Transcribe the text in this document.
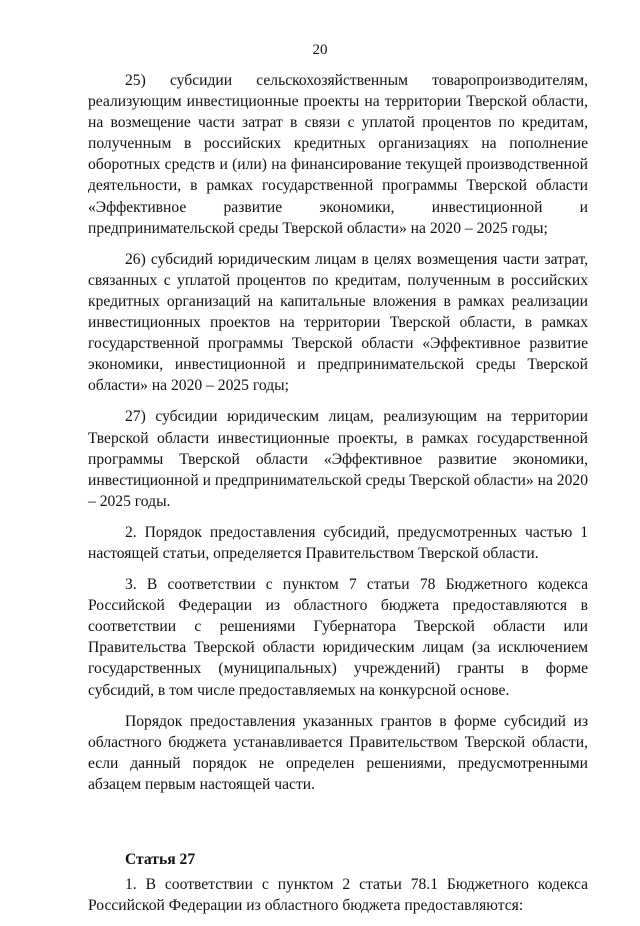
20

25) субсидии сельскохозяйственным товаропроизводителям, реализующим инвестиционные проекты на территории Тверской области, на возмещение части затрат в связи с уплатой процентов по кредитам, полученным в российских кредитных организациях на пополнение оборотных средств и (или) на финансирование текущей производственной деятельности, в рамках государственной программы Тверской области «Эффективное развитие экономики, инвестиционной и предпринимательской среды Тверской области» на 2020 – 2025 годы;

26) субсидий юридическим лицам в целях возмещения части затрат, связанных с уплатой процентов по кредитам, полученным в российских кредитных организаций на капитальные вложения в рамках реализации инвестиционных проектов на территории Тверской области, в рамках государственной программы Тверской области «Эффективное развитие экономики, инвестиционной и предпринимательской среды Тверской области» на 2020 – 2025 годы;

27) субсидии юридическим лицам, реализующим на территории Тверской области инвестиционные проекты, в рамках государственной программы Тверской области «Эффективное развитие экономики, инвестиционной и предпринимательской среды Тверской области» на 2020 – 2025 годы.

2. Порядок предоставления субсидий, предусмотренных частью 1 настоящей статьи, определяется Правительством Тверской области.

3. В соответствии с пунктом 7 статьи 78 Бюджетного кодекса Российской Федерации из областного бюджета предоставляются в соответствии с решениями Губернатора Тверской области или Правительства Тверской области юридическим лицам (за исключением государственных (муниципальных) учреждений) гранты в форме субсидий, в том числе предоставляемых на конкурсной основе.

Порядок предоставления указанных грантов в форме субсидий из областного бюджета устанавливается Правительством Тверской области, если данный порядок не определен решениями, предусмотренными абзацем первым настоящей части.

Статья 27

1. В соответствии с пунктом 2 статьи 78.1 Бюджетного кодекса Российской Федерации из областного бюджета предоставляются:
